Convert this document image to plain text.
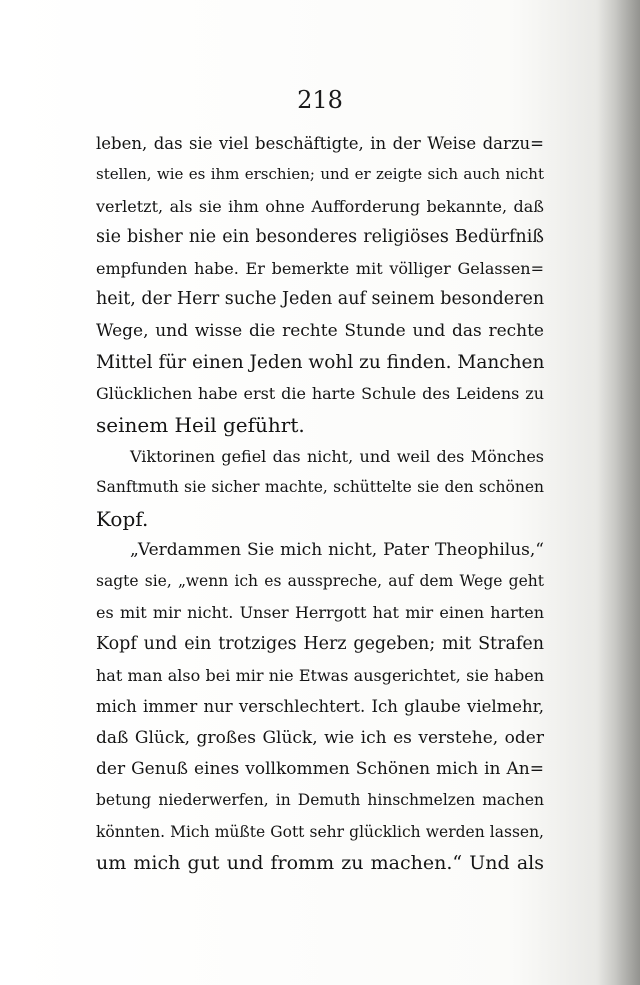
218

leben, das sie viel beschäftigte, in der Weise darzu=
stellen, wie es ihm erschien; und er zeigte sich auch nicht
verletzt, als sie ihm ohne Aufforderung bekannte, daß
sie bisher nie ein besonderes religiöses Bedürfniß
empfunden habe. Er bemerkte mit völliger Gelassen=
heit, der Herr suche Jeden auf seinem besonderen
Wege, und wisse die rechte Stunde und das rechte
Mittel für einen Jeden wohl zu finden. Manchen
Glücklichen habe erst die harte Schule des Leidens zu
seinem Heil geführt.
Viktorinen gefiel das nicht, und weil des Mönches
Sanftmuth sie sicher machte, schüttelte sie den schönen
Kopf.
„Verdammen Sie mich nicht, Pater Theophilus,“
sagte sie, „wenn ich es ausspreche, auf dem Wege geht
es mit mir nicht. Unser Herrgott hat mir einen harten
Kopf und ein trotziges Herz gegeben; mit Strafen
hat man also bei mir nie Etwas ausgerichtet, sie haben
mich immer nur verschlechtert. Ich glaube vielmehr,
daß Glück, großes Glück, wie ich es verstehe, oder
der Genuß eines vollkommen Schönen mich in An=
betung niederwerfen, in Demuth hinschmelzen machen
könnten. Mich müßte Gott sehr glücklich werden lassen,
um mich gut und fromm zu machen.“ Und als
